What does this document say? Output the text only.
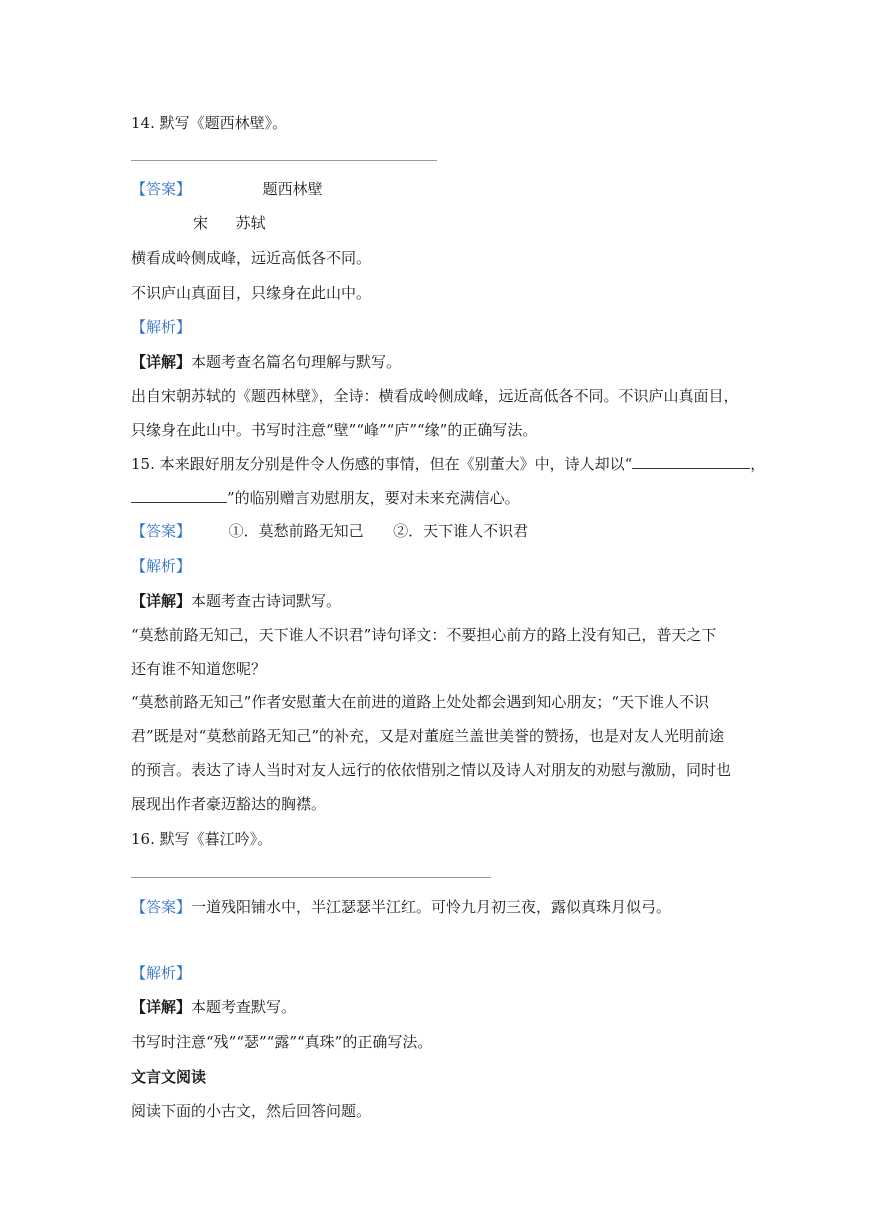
14. 默写《题西林壁》。
【答案】	题西林壁
宋 苏轼
横看成岭侧成峰，远近高低各不同。
不识庐山真面目，只缘身在此山中。
【解析】
【详解】本题考查名篇名句理解与默写。
出自宋朝苏轼的《题西林壁》，全诗：横看成岭侧成峰，远近高低各不同。不识庐山真面目，
只缘身在此山中。书写时注意“壁”“峰”“庐”“缘”的正确写法。
15. 本来跟好朋友分别是件令人伤感的事情，但在《别董大》中，诗人却以“	，
”的临别赠言劝慰朋友，要对未来充满信心。
【答案】	①．莫愁前路无知己 ②．天下谁人不识君
【解析】
【详解】本题考查古诗词默写。
“莫愁前路无知己，天下谁人不识君”诗句译文：不要担心前方的路上没有知己，普天之下
还有谁不知道您呢？
“莫愁前路无知己”作者安慰董大在前进的道路上处处都会遇到知心朋友；“天下谁人不识
君”既是对“莫愁前路无知己”的补充，又是对董庭兰盖世美誉的赞扬，也是对友人光明前途
的预言。表达了诗人当时对友人远行的依依惜别之情以及诗人对朋友的劝慰与激励，同时也
展现出作者豪迈豁达的胸襟。
16. 默写《暮江吟》。
【答案】一道残阳铺水中，半江瑟瑟半江红。可怜九月初三夜，露似真珠月似弓。
【解析】
【详解】本题考查默写。
书写时注意“残”“瑟”“露”“真珠”的正确写法。
文言文阅读
阅读下面的小古文，然后回答问题。
